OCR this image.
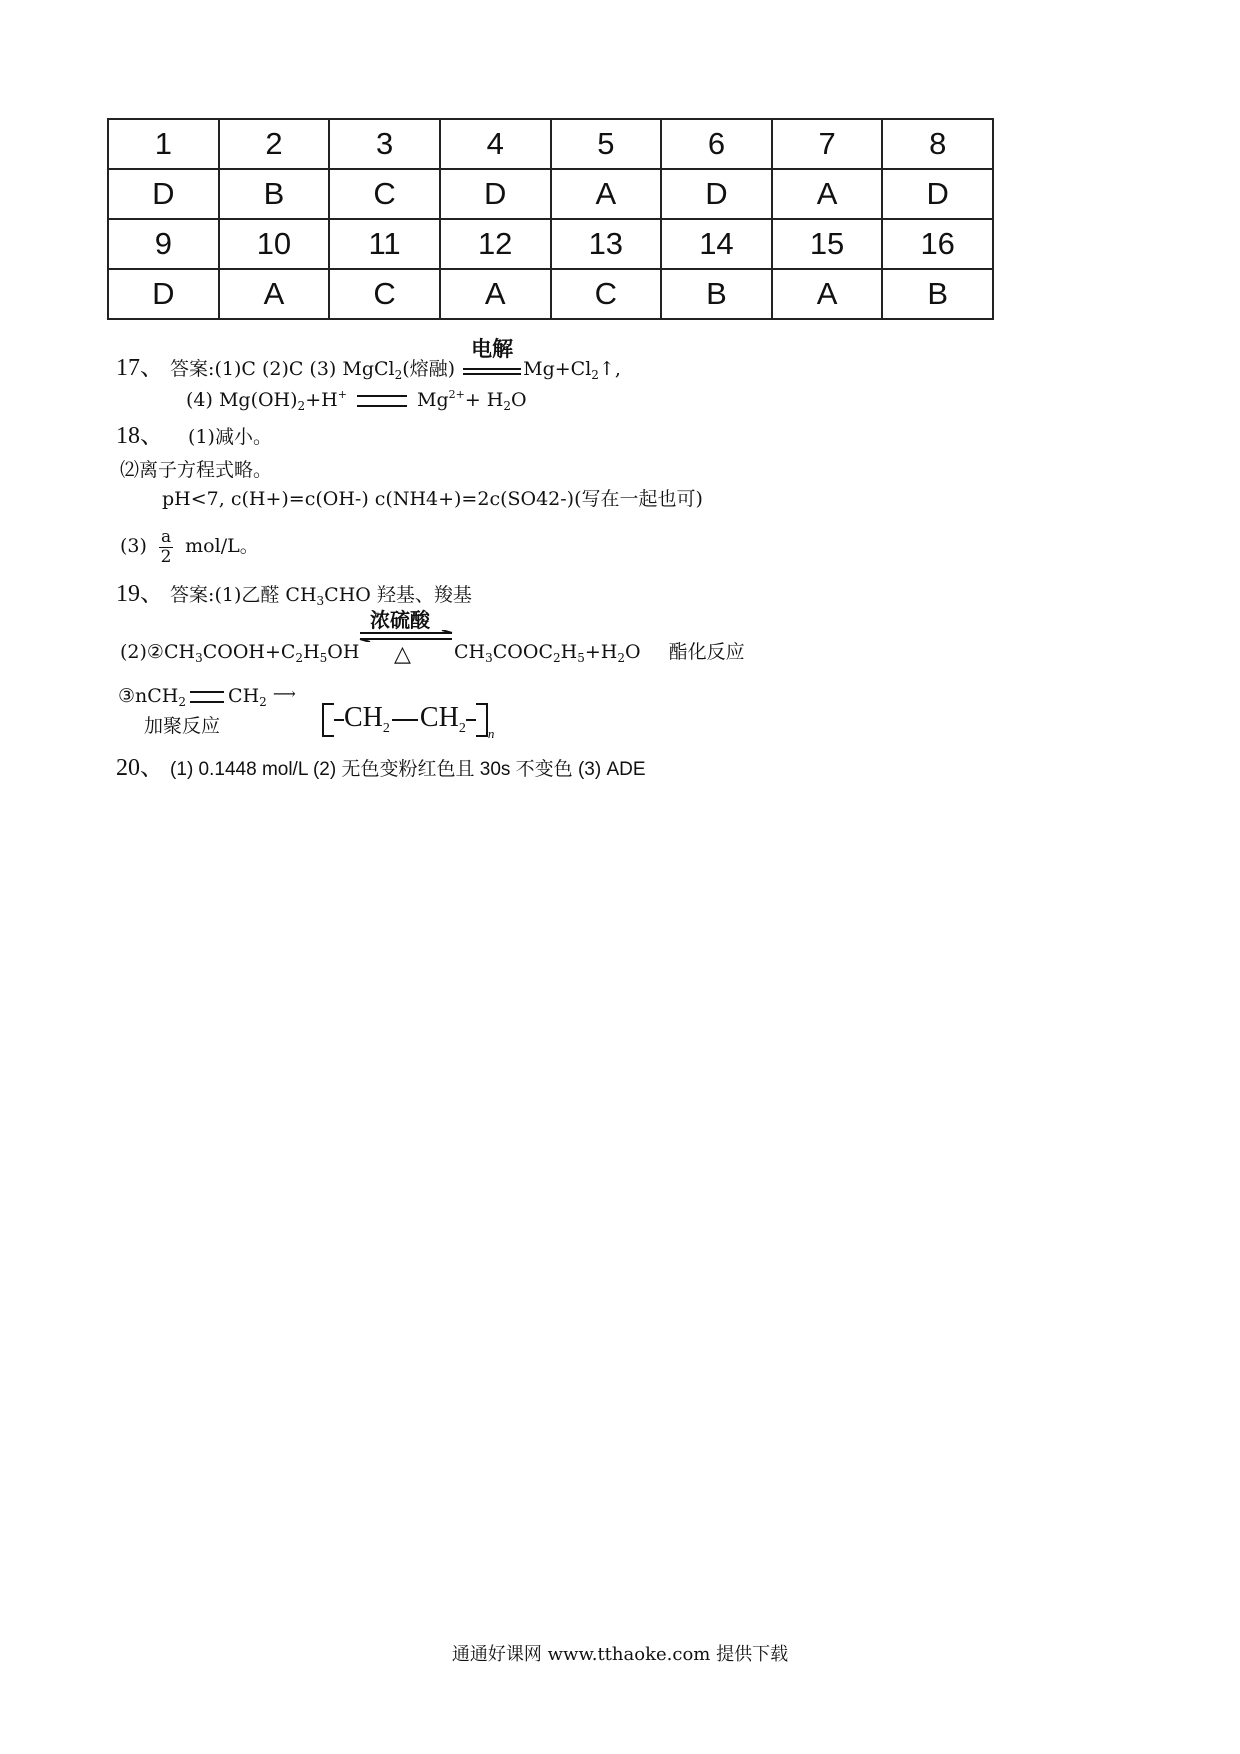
1	2	3	4	5	6	7	8
D	B	C	D	A	D	A	D
9	10	11	12	13	14	15	16
D	A	C	A	C	B	A	B
17、 答案:(1)C (2)C (3) MgCl$_2$(熔融)
电解
$Mg+Cl_2↑$,
(4) $Mg(OH)_2+H^+$	$Mg^{2+}+ H_2O$
18、 (1)减小。
⑵离子方程式略。
pH<7, c(H+)=c(OH-) c(NH4+)=2c(SO42-)(写在一起也可)
$(3) \frac{a}{2} mol/L$。
19、 答案:(1)乙醛 $CH_3CHO$ 羟基、羧基
浓硫酸
△
$(2)②CH_3COOH+C_2H_5OH$	$CH_3COOC_2H_5+H_2O$ 酯化反应
③nCH$_2$ $CH_2$ ⟶
加聚反应	$CH_2$ $CH_2$ $_n$
20、 (1) 0.1448 mol/L (2) 无色变粉红色且 30s 不变色 (3) ADE
通通好课网 www.tthaoke.com 提供下载
